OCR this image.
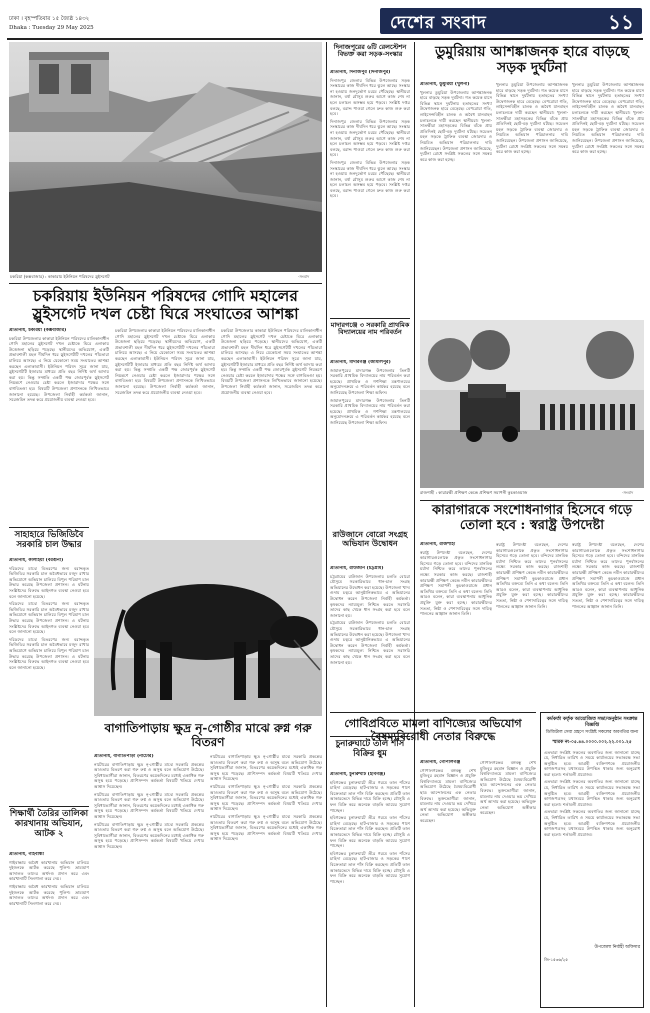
ঢাকা । বৃহস্পতিবার ১৫ জ্যৈষ্ঠ ১৪৩২
Dhaka : Tuesday 29 May 2025	দেশের সংবাদ	১১
চকরিয়া (কক্সবাজার) : কাকারায় ইউনিয়ন পরিষদের স্লুইসগেট	-সংবাদ
চকরিয়ায় ইউনিয়ন পরিষদের গোদি মহালের স্লুইসগেট দখল চেষ্টা ঘিরে সংঘাতের আশঙ্কা
প্রতিনিধি, চকরিয়া (কক্সবাজার)
চকরিয়া উপজেলার কাকারা ইউনিয়ন পরিষদের মালিকানাধীন গোদি মহালের স্লুইসগেট দখল চেষ্টাকে ঘিরে এলাকায় উত্তেজনা ছড়িয়ে পড়েছে। স্থানীয়দের অভিযোগ, একটি প্রভাবশালী মহল দীর্ঘদিন ধরে স্লুইসগেটটি দখলের পাঁয়তারা চালিয়ে আসছে। এ নিয়ে যেকোনো সময় সংঘাতের আশঙ্কা করছেন এলাকাবাসী। ইউনিয়ন পরিষদ সূত্রে জানা যায়, স্লুইসগেটটি ইজারার মাধ্যমে প্রতি বছর নির্দিষ্ট অর্থ আদায় করা হয়। কিন্তু সম্প্রতি একটি পক্ষ জোরপূর্বক স্লুইসগেট নিয়ন্ত্রণে নেওয়ার চেষ্টা করলে ইজারাদার পক্ষের সঙ্গে বাগবিতণ্ডা হয়। বিষয়টি উপজেলা প্রশাসনকে লিখিতভাবে জানানো হয়েছে। উপজেলা নির্বাহী কর্মকর্তা জানান, সরেজমিন তদন্ত করে প্রয়োজনীয় ব্যবস্থা নেওয়া হবে।
চকরিয়া উপজেলার কাকারা ইউনিয়ন পরিষদের মালিকানাধীন গোদি মহালের স্লুইসগেট দখল চেষ্টাকে ঘিরে এলাকায় উত্তেজনা ছড়িয়ে পড়েছে। স্থানীয়দের অভিযোগ, একটি প্রভাবশালী মহল দীর্ঘদিন ধরে স্লুইসগেটটি দখলের পাঁয়তারা চালিয়ে আসছে। এ নিয়ে যেকোনো সময় সংঘাতের আশঙ্কা করছেন এলাকাবাসী। ইউনিয়ন পরিষদ সূত্রে জানা যায়, স্লুইসগেটটি ইজারার মাধ্যমে প্রতি বছর নির্দিষ্ট অর্থ আদায় করা হয়। কিন্তু সম্প্রতি একটি পক্ষ জোরপূর্বক স্লুইসগেট নিয়ন্ত্রণে নেওয়ার চেষ্টা করলে ইজারাদার পক্ষের সঙ্গে বাগবিতণ্ডা হয়। বিষয়টি উপজেলা প্রশাসনকে লিখিতভাবে জানানো হয়েছে। উপজেলা নির্বাহী কর্মকর্তা জানান, সরেজমিন তদন্ত করে প্রয়োজনীয় ব্যবস্থা নেওয়া হবে।
চকরিয়া উপজেলার কাকারা ইউনিয়ন পরিষদের মালিকানাধীন গোদি মহালের স্লুইসগেট দখল চেষ্টাকে ঘিরে এলাকায় উত্তেজনা ছড়িয়ে পড়েছে। স্থানীয়দের অভিযোগ, একটি প্রভাবশালী মহল দীর্ঘদিন ধরে স্লুইসগেটটি দখলের পাঁয়তারা চালিয়ে আসছে। এ নিয়ে যেকোনো সময় সংঘাতের আশঙ্কা করছেন এলাকাবাসী। ইউনিয়ন পরিষদ সূত্রে জানা যায়, স্লুইসগেটটি ইজারার মাধ্যমে প্রতি বছর নির্দিষ্ট অর্থ আদায় করা হয়। কিন্তু সম্প্রতি একটি পক্ষ জোরপূর্বক স্লুইসগেট নিয়ন্ত্রণে নেওয়ার চেষ্টা করলে ইজারাদার পক্ষের সঙ্গে বাগবিতণ্ডা হয়। বিষয়টি উপজেলা প্রশাসনকে লিখিতভাবে জানানো হয়েছে। উপজেলা নির্বাহী কর্মকর্তা জানান, সরেজমিন তদন্ত করে প্রয়োজনীয় ব্যবস্থা নেওয়া হবে।
সাহাহারে ভিজিডিবৈ সরকারি চাল উদ্ধার
প্রতিনিধি, কালাইয়া (বরগুনা)
দরিদ্রদের মাঝে বিতরণের জন্য বরাদ্দকৃত ভিজিডির সরকারি চাল অবৈধভাবে মজুদ রাখার অভিযোগে অভিযান চালিয়ে বিপুল পরিমাণ চাল উদ্ধার করেছে উপজেলা প্রশাসন। এ ঘটনায় সংশ্লিষ্টদের বিরুদ্ধে আইনগত ব্যবস্থা নেওয়া হবে বলে জানানো হয়েছে।
দরিদ্রদের মাঝে বিতরণের জন্য বরাদ্দকৃত ভিজিডির সরকারি চাল অবৈধভাবে মজুদ রাখার অভিযোগে অভিযান চালিয়ে বিপুল পরিমাণ চাল উদ্ধার করেছে উপজেলা প্রশাসন। এ ঘটনায় সংশ্লিষ্টদের বিরুদ্ধে আইনগত ব্যবস্থা নেওয়া হবে বলে জানানো হয়েছে।
দরিদ্রদের মাঝে বিতরণের জন্য বরাদ্দকৃত ভিজিডির সরকারি চাল অবৈধভাবে মজুদ রাখার অভিযোগে অভিযান চালিয়ে বিপুল পরিমাণ চাল উদ্ধার করেছে উপজেলা প্রশাসন। এ ঘটনায় সংশ্লিষ্টদের বিরুদ্ধে আইনগত ব্যবস্থা নেওয়া হবে বলে জানানো হয়েছে।
শিক্ষার্থী তৈরির তালিকা কারখানায় অভিযান, আটক ২
প্রতিনিধি, গাইবান্ধা
গাইবান্ধায় অবৈধ কারখানায় অভিযান চালিয়ে দুইজনকে আটক করেছে পুলিশ। ভ্রাম্যমাণ আদালত তাদের অর্থদণ্ড প্রদান করে এবং কারখানাটি সিলগালা করে দেয়।
গাইবান্ধায় অবৈধ কারখানায় অভিযান চালিয়ে দুইজনকে আটক করেছে পুলিশ। ভ্রাম্যমাণ আদালত তাদের অর্থদণ্ড প্রদান করে এবং কারখানাটি সিলগালা করে দেয়।
বাগাতিপাড়ায় ক্ষুদ্র নৃ-গোষ্ঠীর মাঝে রুগ্ন গরু বিতরণ
প্রতিনিধি, বাগাতিপাড়া (নাটোর)
নাটোরের বাগাতিপাড়ায় ক্ষুদ্র নৃ-গোষ্ঠীর মাঝে সরকারি প্রকল্পের আওতায় বিতরণ করা গরু রুগ্ন ও অসুস্থ বলে অভিযোগ উঠেছে। সুবিধাভোগীরা জানান, বিতরণের কয়েকদিনের মধ্যেই একাধিক গরু অসুস্থ হয়ে পড়েছে। প্রাণিসম্পদ কর্মকর্তা বিষয়টি খতিয়ে দেখার আশ্বাস দিয়েছেন।
নাটোরের বাগাতিপাড়ায় ক্ষুদ্র নৃ-গোষ্ঠীর মাঝে সরকারি প্রকল্পের আওতায় বিতরণ করা গরু রুগ্ন ও অসুস্থ বলে অভিযোগ উঠেছে। সুবিধাভোগীরা জানান, বিতরণের কয়েকদিনের মধ্যেই একাধিক গরু অসুস্থ হয়ে পড়েছে। প্রাণিসম্পদ কর্মকর্তা বিষয়টি খতিয়ে দেখার আশ্বাস দিয়েছেন।
নাটোরের বাগাতিপাড়ায় ক্ষুদ্র নৃ-গোষ্ঠীর মাঝে সরকারি প্রকল্পের আওতায় বিতরণ করা গরু রুগ্ন ও অসুস্থ বলে অভিযোগ উঠেছে। সুবিধাভোগীরা জানান, বিতরণের কয়েকদিনের মধ্যেই একাধিক গরু অসুস্থ হয়ে পড়েছে। প্রাণিসম্পদ কর্মকর্তা বিষয়টি খতিয়ে দেখার আশ্বাস দিয়েছেন।
নাটোরের বাগাতিপাড়ায় ক্ষুদ্র নৃ-গোষ্ঠীর মাঝে সরকারি প্রকল্পের আওতায় বিতরণ করা গরু রুগ্ন ও অসুস্থ বলে অভিযোগ উঠেছে। সুবিধাভোগীরা জানান, বিতরণের কয়েকদিনের মধ্যেই একাধিক গরু অসুস্থ হয়ে পড়েছে। প্রাণিসম্পদ কর্মকর্তা বিষয়টি খতিয়ে দেখার আশ্বাস দিয়েছেন।
নাটোরের বাগাতিপাড়ায় ক্ষুদ্র নৃ-গোষ্ঠীর মাঝে সরকারি প্রকল্পের আওতায় বিতরণ করা গরু রুগ্ন ও অসুস্থ বলে অভিযোগ উঠেছে। সুবিধাভোগীরা জানান, বিতরণের কয়েকদিনের মধ্যেই একাধিক গরু অসুস্থ হয়ে পড়েছে। প্রাণিসম্পদ কর্মকর্তা বিষয়টি খতিয়ে দেখার আশ্বাস দিয়েছেন।
নাটোরের বাগাতিপাড়ায় ক্ষুদ্র নৃ-গোষ্ঠীর মাঝে সরকারি প্রকল্পের আওতায় বিতরণ করা গরু রুগ্ন ও অসুস্থ বলে অভিযোগ উঠেছে। সুবিধাভোগীরা জানান, বিতরণের কয়েকদিনের মধ্যেই একাধিক গরু অসুস্থ হয়ে পড়েছে। প্রাণিসম্পদ কর্মকর্তা বিষয়টি খতিয়ে দেখার আশ্বাস দিয়েছেন।
দিনাজপুরের ৬টি রেলস্টেশন বিভক্ত করা সড়ক-সংস্কার
প্রতিনিধি, দিনাজপুর (দিনাজপুর)
দিনাজপুর জেলার বিভিন্ন উপজেলার সড়ক সংস্কারের কাজ দীর্ঘদিন ধরে ঝুলে আছে। সংস্কার না হওয়ায় জনদুর্ভোগ চরমে পৌঁছেছে। স্থানীয়রা জানান, বর্ষা মৌসুম শুরুর আগে কাজ শেষ না হলে চলাচল অসম্ভব হয়ে পড়বে। সংশ্লিষ্ট দপ্তর বলছে, বরাদ্দ পাওয়া গেলে দ্রুত কাজ শুরু করা হবে।
দিনাজপুর জেলার বিভিন্ন উপজেলার সড়ক সংস্কারের কাজ দীর্ঘদিন ধরে ঝুলে আছে। সংস্কার না হওয়ায় জনদুর্ভোগ চরমে পৌঁছেছে। স্থানীয়রা জানান, বর্ষা মৌসুম শুরুর আগে কাজ শেষ না হলে চলাচল অসম্ভব হয়ে পড়বে। সংশ্লিষ্ট দপ্তর বলছে, বরাদ্দ পাওয়া গেলে দ্রুত কাজ শুরু করা হবে।
দিনাজপুর জেলার বিভিন্ন উপজেলার সড়ক সংস্কারের কাজ দীর্ঘদিন ধরে ঝুলে আছে। সংস্কার না হওয়ায় জনদুর্ভোগ চরমে পৌঁছেছে। স্থানীয়রা জানান, বর্ষা মৌসুম শুরুর আগে কাজ শেষ না হলে চলাচল অসম্ভব হয়ে পড়বে। সংশ্লিষ্ট দপ্তর বলছে, বরাদ্দ পাওয়া গেলে দ্রুত কাজ শুরু করা হবে।
মাদারগঞ্জে ৩ সরকারি প্রাথমিক বিদ্যালয়ের নাম পরিবর্তন
প্রতিনিধি, মাদারগঞ্জ (জামালপুর)
জামালপুরের মাদারগঞ্জ উপজেলার তিনটি সরকারি প্রাথমিক বিদ্যালয়ের নাম পরিবর্তন করা হয়েছে। প্রাথমিক ও গণশিক্ষা মন্ত্রণালয়ের অনুমোদনক্রমে এ পরিবর্তন কার্যকর হয়েছে বলে জানিয়েছে উপজেলা শিক্ষা অফিস।
জামালপুরের মাদারগঞ্জ উপজেলার তিনটি সরকারি প্রাথমিক বিদ্যালয়ের নাম পরিবর্তন করা হয়েছে। প্রাথমিক ও গণশিক্ষা মন্ত্রণালয়ের অনুমোদনক্রমে এ পরিবর্তন কার্যকর হয়েছে বলে জানিয়েছে উপজেলা শিক্ষা অফিস।
রাউজানে বোরো সংগ্রহ অভিযান উদ্বোধন
প্রতিনিধি, রাউজান (চট্টগ্রাম)
চট্টগ্রামের রাউজান উপজেলায় চলতি বোরো মৌসুমে সরকারিভাবে ধান-চাল সংগ্রহ অভিযানের উদ্বোধন করা হয়েছে। উপজেলা খাদ্য গুদাম চত্বরে আনুষ্ঠানিকভাবে এ অভিযানের উদ্বোধন করেন উপজেলা নির্বাহী কর্মকর্তা। কৃষকদের ন্যায্যমূল্য নিশ্চিত করতে সরাসরি তাদের কাছ থেকে ধান সংগ্রহ করা হবে বলে জানানো হয়।
চট্টগ্রামের রাউজান উপজেলায় চলতি বোরো মৌসুমে সরকারিভাবে ধান-চাল সংগ্রহ অভিযানের উদ্বোধন করা হয়েছে। উপজেলা খাদ্য গুদাম চত্বরে আনুষ্ঠানিকভাবে এ অভিযানের উদ্বোধন করেন উপজেলা নির্বাহী কর্মকর্তা। কৃষকদের ন্যায্যমূল্য নিশ্চিত করতে সরাসরি তাদের কাছ থেকে ধান সংগ্রহ করা হবে বলে জানানো হয়।
চুনারুঘাটে তাল শাঁস বিক্রির ধুম
প্রতিনিধি, চুনারুঘাট (হবিগঞ্জ)
হবিগঞ্জের চুনারুঘাটে তীব্র গরমে তাল শাঁসের চাহিদা বেড়েছে। হাট-বাজার ও সড়কের পাশে বিক্রেতারা তাল শাঁস বিক্রি করছেন। প্রতিটি তাল আকারভেদে বিভিন্ন দামে বিক্রি হচ্ছে। মৌসুমি এ ফল বিক্রি করে অনেকে বাড়তি আয়ের সুযোগ পাচ্ছেন।
হবিগঞ্জের চুনারুঘাটে তীব্র গরমে তাল শাঁসের চাহিদা বেড়েছে। হাট-বাজার ও সড়কের পাশে বিক্রেতারা তাল শাঁস বিক্রি করছেন। প্রতিটি তাল আকারভেদে বিভিন্ন দামে বিক্রি হচ্ছে। মৌসুমি এ ফল বিক্রি করে অনেকে বাড়তি আয়ের সুযোগ পাচ্ছেন।
হবিগঞ্জের চুনারুঘাটে তীব্র গরমে তাল শাঁসের চাহিদা বেড়েছে। হাট-বাজার ও সড়কের পাশে বিক্রেতারা তাল শাঁস বিক্রি করছেন। প্রতিটি তাল আকারভেদে বিভিন্ন দামে বিক্রি হচ্ছে। মৌসুমি এ ফল বিক্রি করে অনেকে বাড়তি আয়ের সুযোগ পাচ্ছেন।
ডুমুরিয়ায় আশঙ্কাজনক হারে বাড়ছে সড়ক দুর্ঘটনা
প্রতিনিধি, ডুমুরিয়া (খুলনা)
খুলনার ডুমুরিয়া উপজেলায় আশঙ্কাজনক হারে বাড়ছে সড়ক দুর্ঘটনা। গত কয়েক মাসে বিভিন্ন স্থানে দুর্ঘটনায় হতাহতের সংখ্যা উদ্বেগজনক হারে বেড়েছে। বেপরোয়া গতি, লাইসেন্সবিহীন চালক ও অবৈধ যানবাহন চলাচলকে দায়ী করছেন স্থানীয়রা। খুলনা-সাতক্ষীরা মহাসড়কের বিভিন্ন বাঁকে প্রায় প্রতিদিনই ছোট-বড় দুর্ঘটনা ঘটছে। সচেতন মহল সড়কে ট্রাফিক ব্যবস্থা জোরদার ও নিয়মিত অভিযান পরিচালনার দাবি জানিয়েছেন। উপজেলা প্রশাসন জানিয়েছে, দুর্ঘটনা রোধে সংশ্লিষ্ট সকলের সঙ্গে সমন্বয় করে কাজ করা হচ্ছে।
খুলনার ডুমুরিয়া উপজেলায় আশঙ্কাজনক হারে বাড়ছে সড়ক দুর্ঘটনা। গত কয়েক মাসে বিভিন্ন স্থানে দুর্ঘটনায় হতাহতের সংখ্যা উদ্বেগজনক হারে বেড়েছে। বেপরোয়া গতি, লাইসেন্সবিহীন চালক ও অবৈধ যানবাহন চলাচলকে দায়ী করছেন স্থানীয়রা। খুলনা-সাতক্ষীরা মহাসড়কের বিভিন্ন বাঁকে প্রায় প্রতিদিনই ছোট-বড় দুর্ঘটনা ঘটছে। সচেতন মহল সড়কে ট্রাফিক ব্যবস্থা জোরদার ও নিয়মিত অভিযান পরিচালনার দাবি জানিয়েছেন। উপজেলা প্রশাসন জানিয়েছে, দুর্ঘটনা রোধে সংশ্লিষ্ট সকলের সঙ্গে সমন্বয় করে কাজ করা হচ্ছে।
খুলনার ডুমুরিয়া উপজেলায় আশঙ্কাজনক হারে বাড়ছে সড়ক দুর্ঘটনা। গত কয়েক মাসে বিভিন্ন স্থানে দুর্ঘটনায় হতাহতের সংখ্যা উদ্বেগজনক হারে বেড়েছে। বেপরোয়া গতি, লাইসেন্সবিহীন চালক ও অবৈধ যানবাহন চলাচলকে দায়ী করছেন স্থানীয়রা। খুলনা-সাতক্ষীরা মহাসড়কের বিভিন্ন বাঁকে প্রায় প্রতিদিনই ছোট-বড় দুর্ঘটনা ঘটছে। সচেতন মহল সড়কে ট্রাফিক ব্যবস্থা জোরদার ও নিয়মিত অভিযান পরিচালনার দাবি জানিয়েছেন। উপজেলা প্রশাসন জানিয়েছে, দুর্ঘটনা রোধে সংশ্লিষ্ট সকলের সঙ্গে সমন্বয় করে কাজ করা হচ্ছে।
রাজশাহী : কারারক্ষী প্রশিক্ষণ কেন্দ্রে প্রশিক্ষণ সমাপনী কুচকাওয়াজ	-সংবাদ
কারাগারকে সংশোধনাগার হিসেবে গড়ে তোলা হবে : স্বরাষ্ট্র উপদেষ্টা
প্রতিনিধি, রাজশাহী
স্বরাষ্ট্র উপদেষ্টা বলেছেন, দেশের কারাগারগুলোকে প্রকৃত সংশোধনাগার হিসেবে গড়ে তোলা হবে। বন্দিদের মানবিক মর্যাদা নিশ্চিত করে তাদের পুনর্বাসনের লক্ষ্যে সরকার কাজ করছে। রাজশাহী কারারক্ষী প্রশিক্ষণ কেন্দ্রে নবীন কারারক্ষীদের প্রশিক্ষণ সমাপনী কুচকাওয়াজে প্রধান অতিথির বক্তব্যে তিনি এ কথা বলেন। তিনি আরও বলেন, কারা ব্যবস্থাপনায় আধুনিক প্রযুক্তি যুক্ত করা হচ্ছে। কারারক্ষীদের সততা, নিষ্ঠা ও পেশাদারিত্বের সঙ্গে দায়িত্ব পালনের আহ্বান জানান তিনি।
স্বরাষ্ট্র উপদেষ্টা বলেছেন, দেশের কারাগারগুলোকে প্রকৃত সংশোধনাগার হিসেবে গড়ে তোলা হবে। বন্দিদের মানবিক মর্যাদা নিশ্চিত করে তাদের পুনর্বাসনের লক্ষ্যে সরকার কাজ করছে। রাজশাহী কারারক্ষী প্রশিক্ষণ কেন্দ্রে নবীন কারারক্ষীদের প্রশিক্ষণ সমাপনী কুচকাওয়াজে প্রধান অতিথির বক্তব্যে তিনি এ কথা বলেন। তিনি আরও বলেন, কারা ব্যবস্থাপনায় আধুনিক প্রযুক্তি যুক্ত করা হচ্ছে। কারারক্ষীদের সততা, নিষ্ঠা ও পেশাদারিত্বের সঙ্গে দায়িত্ব পালনের আহ্বান জানান তিনি।
স্বরাষ্ট্র উপদেষ্টা বলেছেন, দেশের কারাগারগুলোকে প্রকৃত সংশোধনাগার হিসেবে গড়ে তোলা হবে। বন্দিদের মানবিক মর্যাদা নিশ্চিত করে তাদের পুনর্বাসনের লক্ষ্যে সরকার কাজ করছে। রাজশাহী কারারক্ষী প্রশিক্ষণ কেন্দ্রে নবীন কারারক্ষীদের প্রশিক্ষণ সমাপনী কুচকাওয়াজে প্রধান অতিথির বক্তব্যে তিনি এ কথা বলেন। তিনি আরও বলেন, কারা ব্যবস্থাপনায় আধুনিক প্রযুক্তি যুক্ত করা হচ্ছে। কারারক্ষীদের সততা, নিষ্ঠা ও পেশাদারিত্বের সঙ্গে দায়িত্ব পালনের আহ্বান জানান তিনি।
গোবিপ্রবিতে মামলা বাণিজ্যের অভিযোগ বৈষম্যবিরোধী নেতার বিরুদ্ধে
প্রতিনিধি, গোপালগঞ্জ
গোপালগঞ্জের বঙ্গবন্ধু শেখ মুজিবুর রহমান বিজ্ঞান ও প্রযুক্তি বিশ্ববিদ্যালয়ে মামলা বাণিজ্যের অভিযোগ উঠেছে বৈষম্যবিরোধী ছাত্র আন্দোলনের এক নেতার বিরুদ্ধে। ভুক্তভোগীরা জানান, মামলায় নাম দেওয়ার ভয় দেখিয়ে অর্থ আদায় করা হয়েছে। অভিযুক্ত নেতা অভিযোগ অস্বীকার করেছেন।
গোপালগঞ্জের বঙ্গবন্ধু শেখ মুজিবুর রহমান বিজ্ঞান ও প্রযুক্তি বিশ্ববিদ্যালয়ে মামলা বাণিজ্যের অভিযোগ উঠেছে বৈষম্যবিরোধী ছাত্র আন্দোলনের এক নেতার বিরুদ্ধে। ভুক্তভোগীরা জানান, মামলায় নাম দেওয়ার ভয় দেখিয়ে অর্থ আদায় করা হয়েছে। অভিযুক্ত নেতা অভিযোগ অস্বীকার করেছেন।
কর্মকর্তা কর্তৃক আয়োজিত সভা/অনুষ্ঠান সংক্রান্ত বিজ্ঞপ্তি
ডিজিটাল সেবা গ্রহণে সংশ্লিষ্ট সকলের অবগতির জন্য
স্মারক নং-০৫.৪৪.০০০০.০০২.২২.০০১.২৫
এতদ্বারা সংশ্লিষ্ট সকলের অবগতির জন্য জানানো যাচ্ছে যে, নির্ধারিত তারিখ ও সময়ে কার্যালয়ের সভাকক্ষে সভা অনুষ্ঠিত হবে। আগ্রহী ব্যক্তিগণকে প্রয়োজনীয় কাগজপত্রসহ যথাসময়ে উপস্থিত থাকার জন্য অনুরোধ করা হলো। শর্তাবলী প্রযোজ্য।
এতদ্বারা সংশ্লিষ্ট সকলের অবগতির জন্য জানানো যাচ্ছে যে, নির্ধারিত তারিখ ও সময়ে কার্যালয়ের সভাকক্ষে সভা অনুষ্ঠিত হবে। আগ্রহী ব্যক্তিগণকে প্রয়োজনীয় কাগজপত্রসহ যথাসময়ে উপস্থিত থাকার জন্য অনুরোধ করা হলো। শর্তাবলী প্রযোজ্য।
এতদ্বারা সংশ্লিষ্ট সকলের অবগতির জন্য জানানো যাচ্ছে যে, নির্ধারিত তারিখ ও সময়ে কার্যালয়ের সভাকক্ষে সভা অনুষ্ঠিত হবে। আগ্রহী ব্যক্তিগণকে প্রয়োজনীয় কাগজপত্রসহ যথাসময়ে উপস্থিত থাকার জন্য অনুরোধ করা হলো। শর্তাবলী প্রযোজ্য।
উপজেলা নির্বাহী অফিসার
জি-১৫৩৬/২৫
